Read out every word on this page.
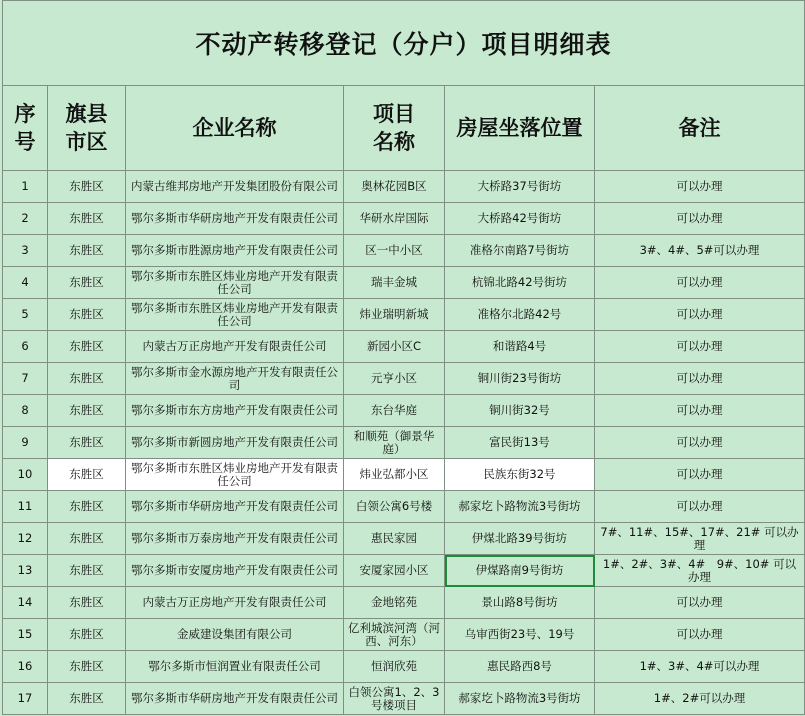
不动产转移登记（分户）项目明细表					

序号	旗县市区	企业名称	项目名称	房屋坐落位置	备注

1	东胜区	内蒙古维邦房地产开发集团股份有限公司	奥林花园B区	大桥路37号街坊	可以办理
2	东胜区	鄂尔多斯市华研房地产开发有限责任公司	华研水岸国际	大桥路42号街坊	可以办理
3	东胜区	鄂尔多斯市胜源房地产开发有限责任公司	区一中小区	准格尔南路7号街坊	3#、4#、5#可以办理
4	东胜区	鄂尔多斯市东胜区炜业房地产开发有限责任公司	瑞丰金城	杭锦北路42号街坊	可以办理
5	东胜区	鄂尔多斯市东胜区炜业房地产开发有限责任公司	炜业瑞明新城	准格尔北路42号	可以办理
6	东胜区	内蒙古万正房地产开发有限责任公司	新园小区C	和谐路4号	可以办理
7	东胜区	鄂尔多斯市金水源房地产开发有限责任公司	元亨小区	铜川街23号街坊	可以办理
8	东胜区	鄂尔多斯市东方房地产开发有限责任公司	东台华庭	铜川街32号	可以办理
9	东胜区	鄂尔多斯市新圆房地产开发有限责任公司	和顺苑（御景华庭）	富民街13号	可以办理
10	东胜区	鄂尔多斯市东胜区炜业房地产开发有限责任公司	炜业弘都小区	民族东街32号	可以办理
11	东胜区	鄂尔多斯市华研房地产开发有限责任公司	白领公寓6号楼	郝家圪卜路物流3号街坊	可以办理
12	东胜区	鄂尔多斯市万泰房地产开发有限责任公司	惠民家园	伊煤北路39号街坊	7#、11#、15#、17#、21# 可以办理
13	东胜区	鄂尔多斯市安厦房地产开发有限责任公司	安厦家园小区	伊煤路南9号街坊	1#、2#、3#、4#　9#、10# 可以办理
14	东胜区	内蒙古万正房地产开发有限责任公司	金地铭苑	景山路8号街坊	可以办理
15	东胜区	金威建设集团有限公司	亿利城滨河湾（河西、河东）	乌审西街23号、19号	可以办理
16	东胜区	鄂尔多斯市恒润置业有限责任公司	恒润欣苑	惠民路西8号	1#、3#、4#可以办理
17	东胜区	鄂尔多斯市华研房地产开发有限责任公司	白领公寓1、2、3号楼项目	郝家圪卜路物流3号街坊	1#、2#可以办理
